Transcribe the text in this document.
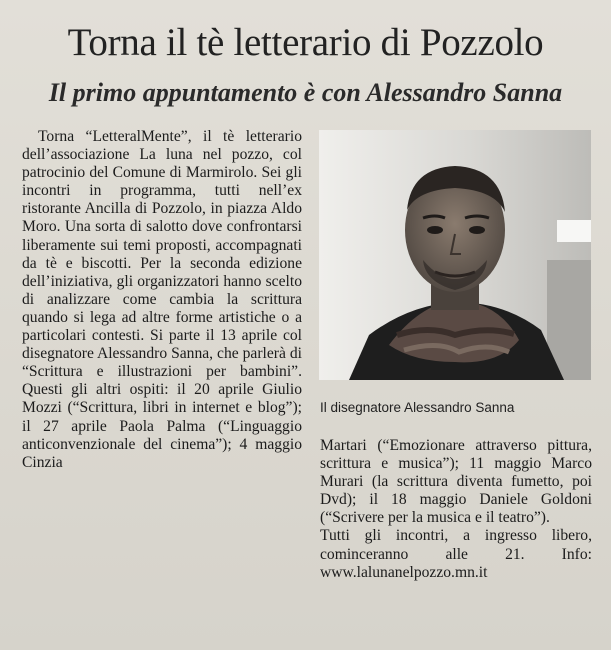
Torna il tè letterario di Pozzolo
Il primo appuntamento è con Alessandro Sanna

Torna “LetteralMente”, il tè letterario dell’associazione La luna nel pozzo, col patrocinio del Comune di Marmirolo. Sei gli incontri in programma, tutti nell’ex ristorante Ancilla di Pozzolo, in piazza Aldo Moro. Una sorta di salotto dove confrontarsi liberamente sui temi proposti, accompagnati da tè e biscotti. Per la seconda edizione dell’iniziativa, gli organizzatori hanno scelto di analizzare come cambia la scrittura quando si lega ad altre forme artistiche o a particolari contesti. Si parte il 13 aprile col disegnatore Alessandro Sanna, che parlerà di “Scrittura e illustrazioni per bambini”. Questi gli altri ospiti: il 20 aprile Giulio Mozzi (“Scrittura, libri in internet e blog”); il 27 aprile Paola Palma (“Linguaggio anticonvenzionale del cinema”); 4 maggio Cinzia

Il disegnatore Alessandro Sanna

Martari (“Emozionare attraverso pittura, scrittura e musica”); 11 maggio Marco Murari (la scrittura diventa fumetto, poi Dvd); il 18 maggio Daniele Goldoni (“Scrivere per la musica e il teatro”).

Tutti gli incontri, a ingresso libero, cominceranno alle 21. Info: www.lalunanelpozzo.mn.it
